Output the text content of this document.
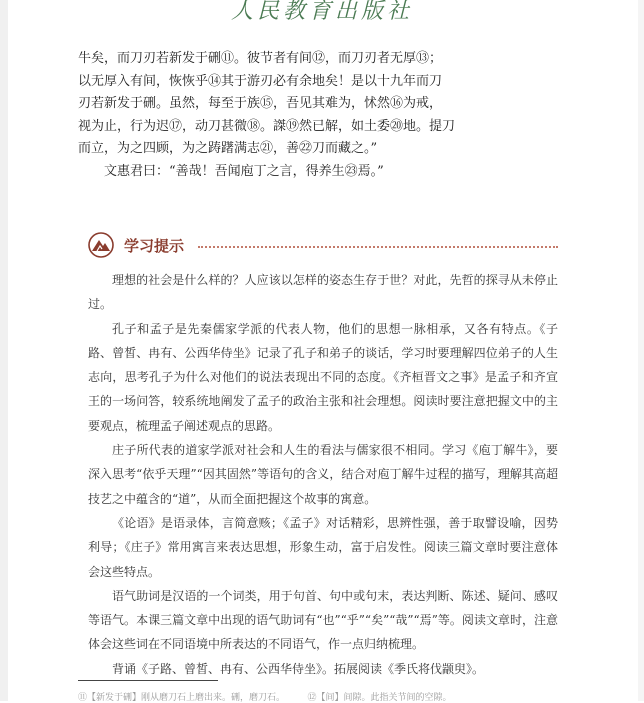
人民教育出版社

牛矣，而刀刃若新发于硎⑪。彼节者有间⑫，而刀刃者无厚⑬；

以无厚入有间，恢恢乎⑭其于游刃必有余地矣！是以十九年而刀

刃若新发于硎。虽然，每至于族⑮，吾见其难为，怵然⑯为戒，

视为止，行为迟⑰，动刀甚微⑱。謋⑲然已解，如土委⑳地。提刀

而立，为之四顾，为之踌躇满志㉑，善㉒刀而藏之。”

文惠君曰：“善哉！吾闻庖丁之言，得养生㉓焉。”

学习提示

理想的社会是什么样的？人应该以怎样的姿态生存于世？对此，先哲的探寻从未停止过。

孔子和孟子是先秦儒家学派的代表人物，他们的思想一脉相承，又各有特点。《子路、曾皙、冉有、公西华侍坐》记录了孔子和弟子的谈话，学习时要理解四位弟子的人生志向，思考孔子为什么对他们的说法表现出不同的态度。《齐桓晋文之事》是孟子和齐宣王的一场问答，较系统地阐发了孟子的政治主张和社会理想。阅读时要注意把握文中的主要观点，梳理孟子阐述观点的思路。

庄子所代表的道家学派对社会和人生的看法与儒家很不相同。学习《庖丁解牛》，要深入思考“依乎天理”“因其固然”等语句的含义，结合对庖丁解牛过程的描写，理解其高超技艺之中蕴含的“道”，从而全面把握这个故事的寓意。

《论语》是语录体，言简意赅；《孟子》对话精彩，思辨性强，善于取譬设喻，因势利导；《庄子》常用寓言来表达思想，形象生动，富于启发性。阅读三篇文章时要注意体会这些特点。

语气助词是汉语的一个词类，用于句首、句中或句末，表达判断、陈述、疑问、感叹等语气。本课三篇文章中出现的语气助词有“也”“乎”“矣”“哉”“焉”等。阅读文章时，注意体会这些词在不同语境中所表达的不同语气，作一点归纳梳理。

背诵《子路、曾皙、冉有、公西华侍坐》。拓展阅读《季氏将伐颛臾》。

⑪【新发于硎】刚从磨刀石上磨出来。硎，磨刀石。　　　⑫【间】间隙。此指关节间的空隙。
